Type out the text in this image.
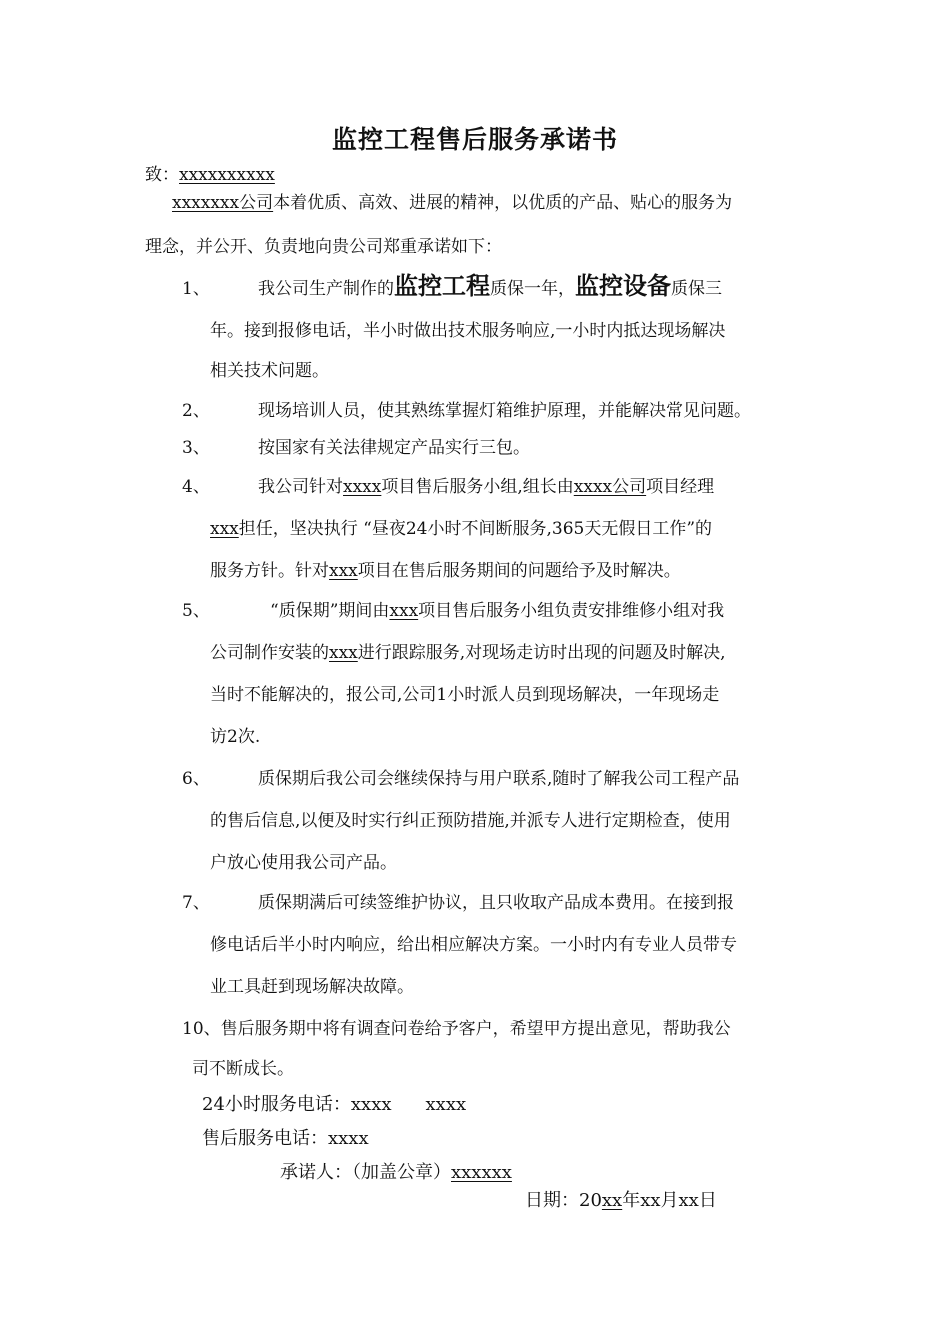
监控工程售后服务承诺书
致：xxxxxxxxxx
xxxxxxx公司本着优质、高效、进展的精神，以优质的产品、贴心的服务为
理念，并公开、负责地向贵公司郑重承诺如下：
1、	我公司生产制作的监控工程质保一年，监控设备质保三
年。接到报修电话，半小时做出技术服务响应,一小时内抵达现场解决
相关技术问题。
2、	现场培训人员，使其熟练掌握灯箱维护原理，并能解决常见问题。
3、	按国家有关法律规定产品实行三包。
4、	我公司针对xxxx项目售后服务小组,组长由xxxx公司项目经理
xxx担任，坚决执行 “昼夜24小时不间断服务,365天无假日工作”的
服务方针。针对xxx项目在售后服务期间的问题给予及时解决。
5、	“质保期”期间由xxx项目售后服务小组负责安排维修小组对我
公司制作安装的xxx进行跟踪服务,对现场走访时出现的问题及时解决,
当时不能解决的，报公司,公司1小时派人员到现场解决，一年现场走
访2次.
6、	质保期后我公司会继续保持与用户联系,随时了解我公司工程产品
的售后信息,以便及时实行纠正预防措施,并派专人进行定期检查，使用
户放心使用我公司产品。
7、	质保期满后可续签维护协议，且只收取产品成本费用。在接到报
修电话后半小时内响应，给出相应解决方案。一小时内有专业人员带专
业工具赶到现场解决故障。
10、售后服务期中将有调查问卷给予客户，希望甲方提出意见，帮助我公
司不断成长。
24小时服务电话：xxxx xxxx
售后服务电话：xxxx
承诺人：（加盖公章）xxxxxx
日期：20xx年xx月xx日
